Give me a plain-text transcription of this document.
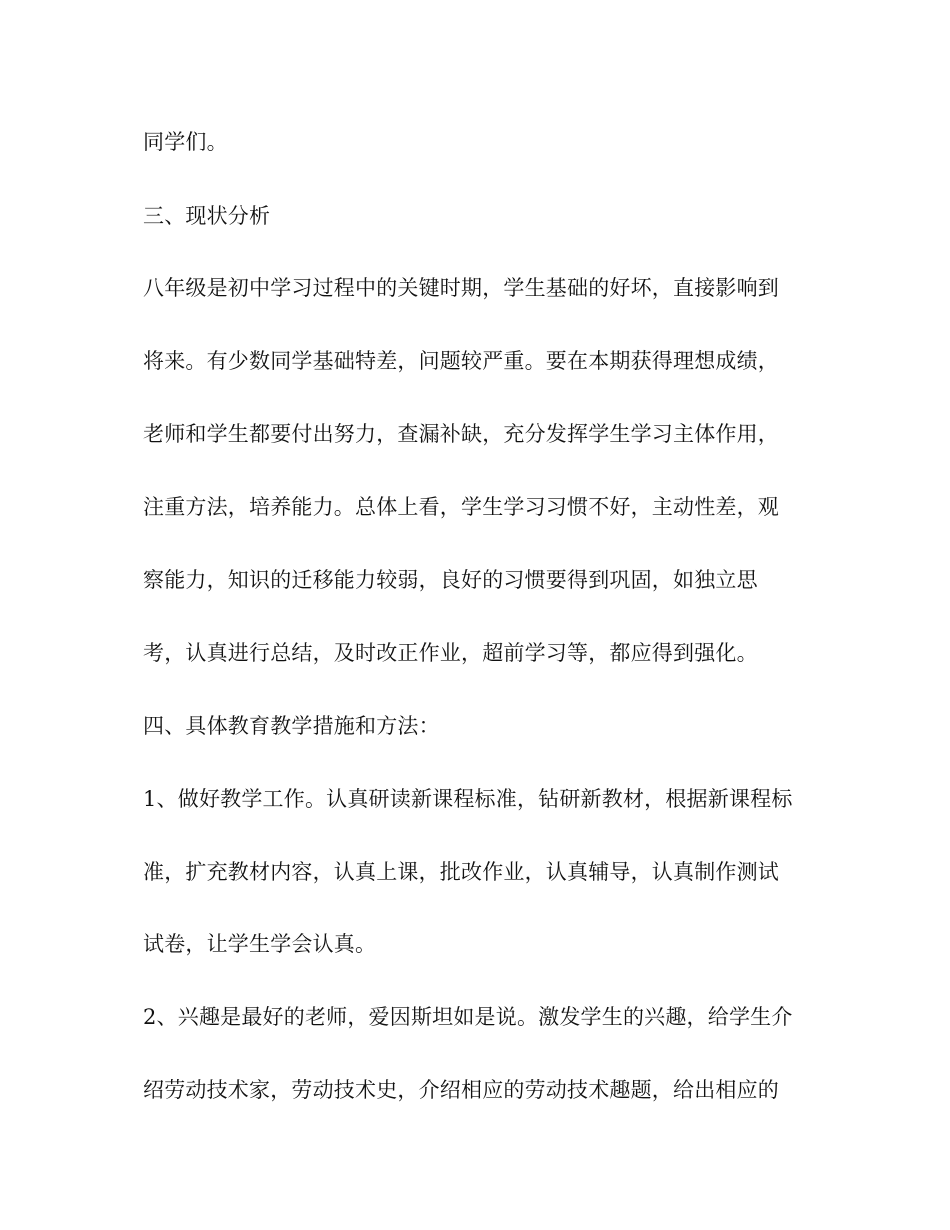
同学们。
三、现状分析
八年级是初中学习过程中的关键时期，学生基础的好坏，直接影响到
将来。有少数同学基础特差，问题较严重。要在本期获得理想成绩，
老师和学生都要付出努力，查漏补缺，充分发挥学生学习主体作用，
注重方法，培养能力。总体上看，学生学习习惯不好，主动性差，观
察能力，知识的迁移能力较弱，良好的习惯要得到巩固，如独立思
考，认真进行总结，及时改正作业，超前学习等，都应得到强化。
四、具体教育教学措施和方法：
1、做好教学工作。认真研读新课程标准，钻研新教材，根据新课程标
准，扩充教材内容，认真上课，批改作业，认真辅导，认真制作测试
试卷，让学生学会认真。
2、兴趣是最好的老师，爱因斯坦如是说。激发学生的兴趣，给学生介
绍劳动技术家，劳动技术史，介绍相应的劳动技术趣题，给出相应的
